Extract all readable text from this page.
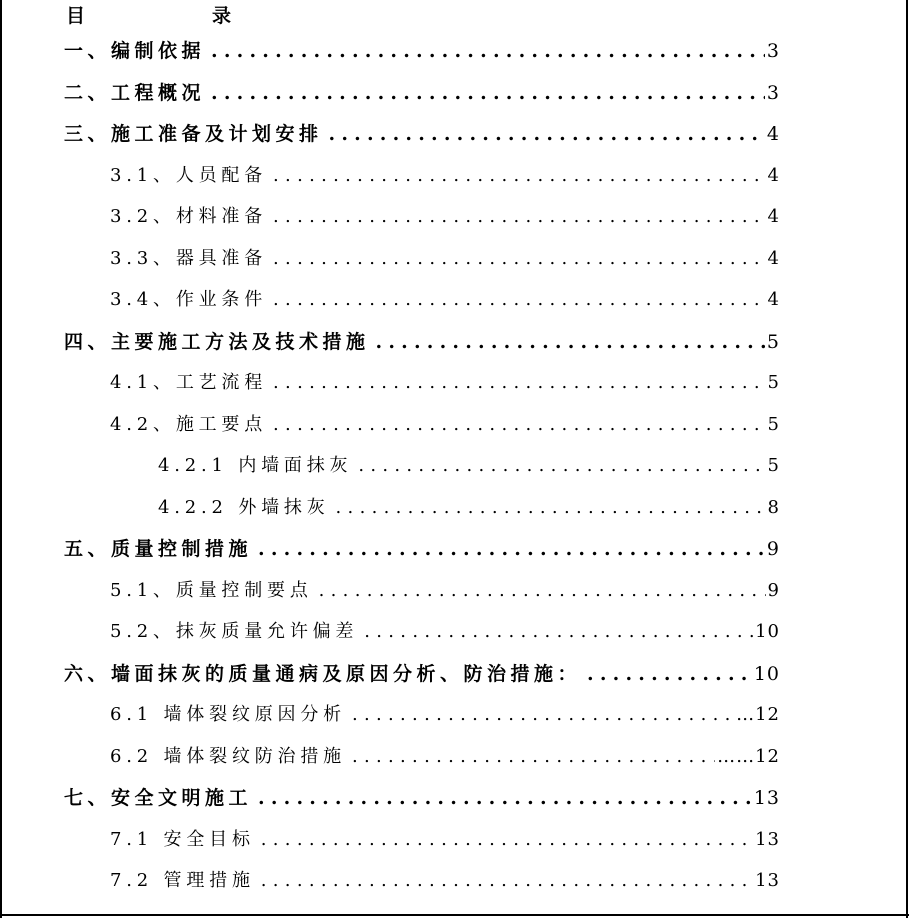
目　录
一、编制依据 .....	3
二、工程概况 .....	3
三、施工准备及计划安排 .....	4
3.1、人员配备 .....	4
3.2、材料准备 .....	4
3.3、器具准备 .....	4
3.4、作业条件 .....	4
四、主要施工方法及技术措施 .....	5
4.1、工艺流程 .....	5
4.2、施工要点 .....	5
4.2.1 内墙面抹灰 .....	5
4.2.2 外墙抹灰 .....	8
五、质量控制措施 .....	9
5.1、质量控制要点 .....	9
5.2、抹灰质量允许偏差 .....	10
六、墙面抹灰的质量通病及原因分析、防治措施： .....	10
6.1 墙体裂纹原因分析 .....	…12
6.2 墙体裂纹防治措施 .....	……12
七、安全文明施工 .....	13
7.1 安全目标 .....	13
7.2 管理措施 .....	13
